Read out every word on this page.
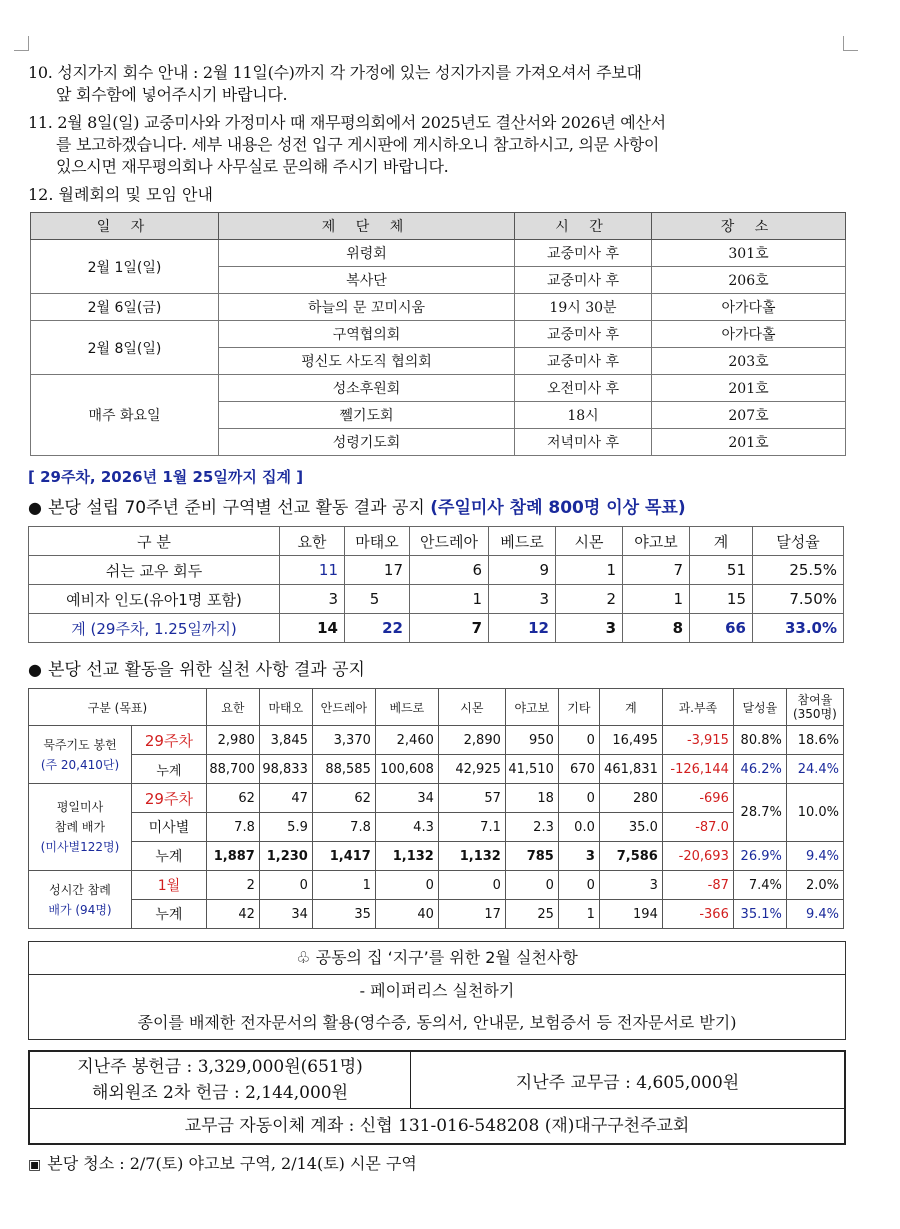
10. 성지가지 회수 안내 : 2월 11일(수)까지 각 가정에 있는 성지가지를 가져오셔서 주보대
앞 회수함에 넣어주시기 바랍니다.
11. 2월 8일(일) 교중미사와 가정미사 때 재무평의회에서 2025년도 결산서와 2026년 예산서
를 보고하겠습니다. 세부 내용은 성전 입구 게시판에 게시하오니 참고하시고, 의문 사항이
있으시면 재무평의회나 사무실로 문의해 주시기 바랍니다.
12. 월례회의 및 모임 안내
일 자	제 단 체	시 간	장 소
2월 1일(일)	위령회	교중미사 후	301호
	복사단	교중미사 후	206호
2월 6일(금)	하늘의 문 꼬미시움	19시 30분	아가다홀
2월 8일(일)	구역협의회	교중미사 후	아가다홀
	평신도 사도직 협의회	교중미사 후	203호
매주 화요일	성소후원회	오전미사 후	201호
	쩰기도회	18시	207호
	성령기도회	저녁미사 후	201호
[ 29주차, 2026년 1월 25일까지 집계 ]
● 본당 설립 70주년 준비 구역별 선교 활동 결과 공지 (주일미사 참례 800명 이상 목표)
구 분	요한	마태오	안드레아	베드로	시몬	야고보	계	달성율
쉬는 교우 회두	11	17	6	9	1	7	51	25.5%
예비자 인도(유아1명 포함)	3	5	1	3	2	1	15	7.50%
계 (29주차, 1.25일까지)	14	22	7	12	3	8	66	33.0%
● 본당 선교 활동을 위한 실천 사항 결과 공지
구분 (목표)		요한	마태오	안드레아	베드로	시몬	야고보	기타	계	과.부족	달성율	참여율
(350명)

묵주기도 봉헌
(주 20,410단)	29주차	2,980	3,845	3,370	2,460	2,890	950	0	16,495	-3,915	80.8%	18.6%
	누계	88,700	98,833	88,585	100,608	42,925	41,510	670	461,831	-126,144	46.2%	24.4%

평일미사
참례 배가
(미사별122명)	29주차	62	47	62	34	57	18	0	280	-696	28.7%	10.0%
	미사별	7.8	5.9	7.8	4.3	7.1	2.3	0.0	35.0	-87.0		
	누계	1,887	1,230	1,417	1,132	1,132	785	3	7,586	-20,693	26.9%	9.4%

성시간 참례
배가 (94명)	1월	2	0	1	0	0	0	0	3	-87	7.4%	2.0%
	누계	42	34	35	40	17	25	1	194	-366	35.1%	9.4%
♧ 공동의 집 ‘지구’를 위한 2월 실천사항
- 페이퍼리스 실천하기
종이를 배제한 전자문서의 활용(영수증, 동의서, 안내문, 보험증서 등 전자문서로 받기)
지난주 봉헌금 : 3,329,000원(651명)
해외원조 2차 헌금 : 2,144,000원
	지난주 교무금 : 4,605,000원
교무금 자동이체 계좌 : 신협 131-016-548208 (재)대구구천주교회
▣ 본당 청소 : 2/7(토) 야고보 구역, 2/14(토) 시몬 구역
